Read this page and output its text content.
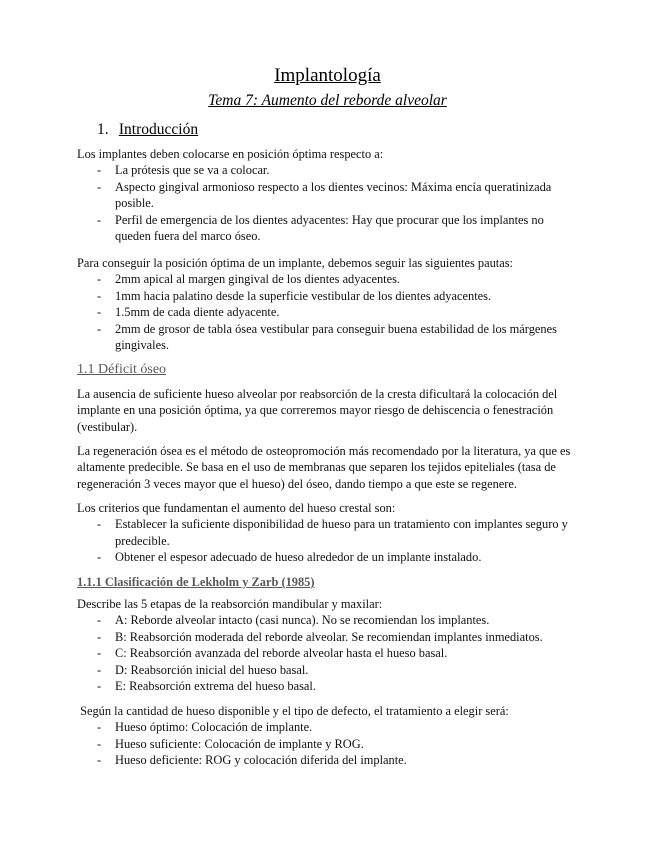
Implantología
Tema 7: Aumento del reborde alveolar
1. Introducción

Los implantes deben colocarse en posición óptima respecto a:

- La prótesis que se va a colocar.
- Aspecto gingival armonioso respecto a los dientes vecinos: Máxima encía queratinizada posible.
- Perfil de emergencia de los dientes adyacentes: Hay que procurar que los implantes no queden fuera del marco óseo.

Para conseguir la posición óptima de un implante, debemos seguir las siguientes pautas:

- 2mm apical al margen gingival de los dientes adyacentes.
- 1mm hacia palatino desde la superficie vestibular de los dientes adyacentes.
- 1.5mm de cada diente adyacente.
- 2mm de grosor de tabla ósea vestibular para conseguir buena estabilidad de los márgenes gingivales.
1.1 Déficit óseo

La ausencia de suficiente hueso alveolar por reabsorción de la cresta dificultará la colocación del implante en una posición óptima, ya que correremos mayor riesgo de dehiscencia o fenestración (vestibular).

La regeneración ósea es el método de osteopromoción más recomendado por la literatura, ya que es altamente predecible. Se basa en el uso de membranas que separen los tejidos epiteliales (tasa de regeneración 3 veces mayor que el hueso) del óseo, dando tiempo a que este se regenere.

Los criterios que fundamentan el aumento del hueso crestal son:

- Establecer la suficiente disponibilidad de hueso para un tratamiento con implantes seguro y predecible.
- Obtener el espesor adecuado de hueso alrededor de un implante instalado.
1.1.1 Clasificación de Lekholm y Zarb (1985)

Describe las 5 etapas de la reabsorción mandibular y maxilar:

- A: Reborde alveolar intacto (casi nunca). No se recomiendan los implantes.
- B: Reabsorción moderada del reborde alveolar. Se recomiendan implantes inmediatos.
- C: Reabsorción avanzada del reborde alveolar hasta el hueso basal.
- D: Reabsorción inicial del hueso basal.
- E: Reabsorción extrema del hueso basal.

Según la cantidad de hueso disponible y el tipo de defecto, el tratamiento a elegir será:

- Hueso óptimo: Colocación de implante.
- Hueso suficiente: Colocación de implante y ROG.
- Hueso deficiente: ROG y colocación diferida del implante.
